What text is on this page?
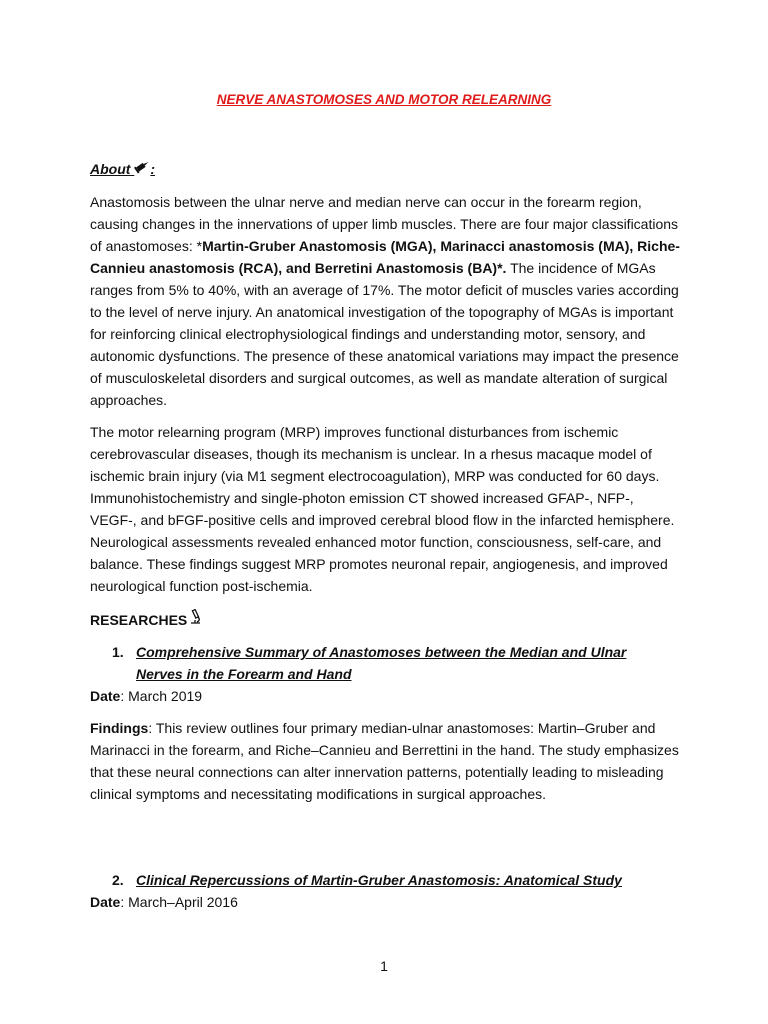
NERVE ANASTOMOSES AND MOTOR RELEARNING
About :

Anastomosis between the ulnar nerve and median nerve can occur in the forearm region, causing changes in the innervations of upper limb muscles. There are four major classifications of anastomoses: *Martin-Gruber Anastomosis (MGA), Marinacci anastomosis (MA), Riche-Cannieu anastomosis (RCA), and Berretini Anastomosis (BA)*. The incidence of MGAs ranges from 5% to 40%, with an average of 17%. The motor deficit of muscles varies according to the level of nerve injury. An anatomical investigation of the topography of MGAs is important for reinforcing clinical electrophysiological findings and understanding motor, sensory, and autonomic dysfunctions. The presence of these anatomical variations may impact the presence of musculoskeletal disorders and surgical outcomes, as well as mandate alteration of surgical approaches.

The motor relearning program (MRP) improves functional disturbances from ischemic cerebrovascular diseases, though its mechanism is unclear. In a rhesus macaque model of ischemic brain injury (via M1 segment electrocoagulation), MRP was conducted for 60 days. Immunohistochemistry and single-photon emission CT showed increased GFAP-, NFP-, VEGF-, and bFGF-positive cells and improved cerebral blood flow in the infarcted hemisphere. Neurological assessments revealed enhanced motor function, consciousness, self-care, and balance. These findings suggest MRP promotes neuronal repair, angiogenesis, and improved neurological function post-ischemia.

RESEARCHES
1. Comprehensive Summary of Anastomoses between the Median and Ulnar Nerves in the Forearm and Hand
Date: March 2019

Findings: This review outlines four primary median-ulnar anastomoses: Martin–Gruber and Marinacci in the forearm, and Riche–Cannieu and Berrettini in the hand. The study emphasizes that these neural connections can alter innervation patterns, potentially leading to misleading clinical symptoms and necessitating modifications in surgical approaches.

2. Clinical Repercussions of Martin-Gruber Anastomosis: Anatomical Study
Date: March–April 2016
1
